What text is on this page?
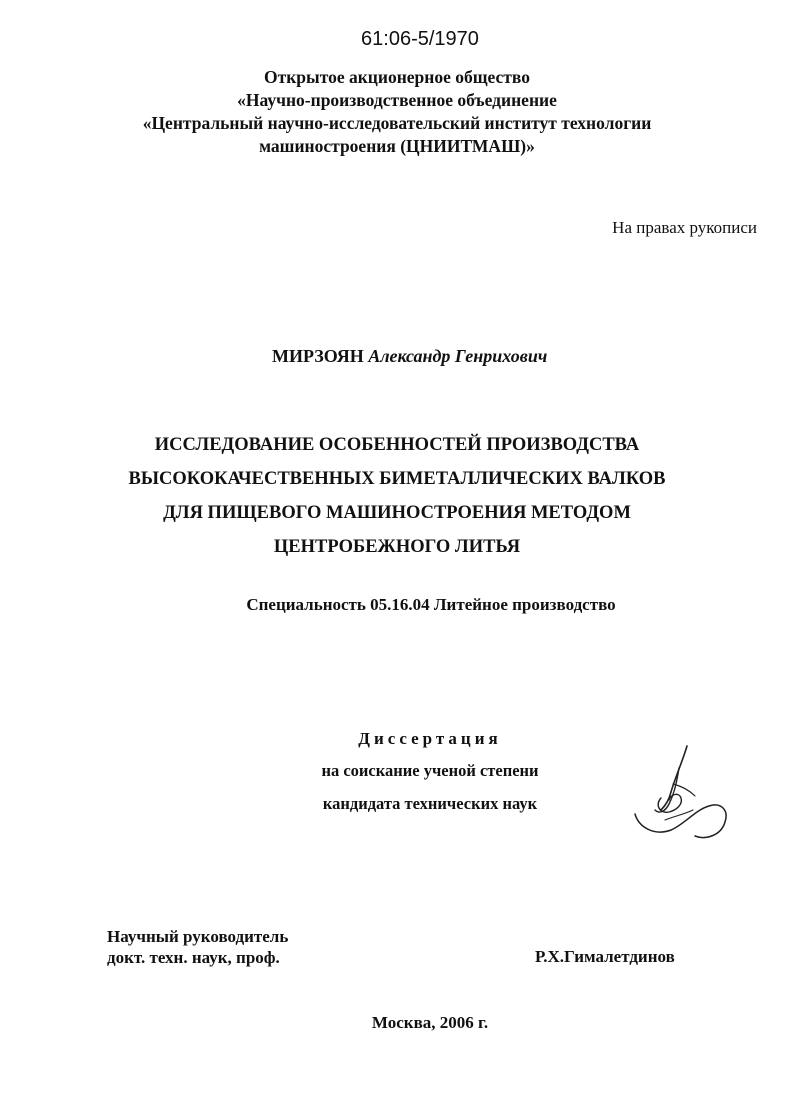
61:06-5/1970
Открытое акционерное общество
«Научно-производственное объединение
«Центральный научно-исследовательский институт технологии
машиностроения (ЦНИИТМАШ)»
На правах рукописи
МИРЗОЯН Александр Генрихович
ИССЛЕДОВАНИЕ ОСОБЕННОСТЕЙ ПРОИЗВОДСТВА
ВЫСОКОКАЧЕСТВЕННЫХ БИМЕТАЛЛИЧЕСКИХ ВАЛКОВ
ДЛЯ ПИЩЕВОГО МАШИНОСТРОЕНИЯ МЕТОДОМ
ЦЕНТРОБЕЖНОГО ЛИТЬЯ
Специальность 05.16.04 Литейное производство
Диссертация
на соискание ученой степени
кандидата технических наук
Научный руководитель
докт. техн. наук, проф.	Р.Х.Гималетдинов
Москва, 2006 г.
